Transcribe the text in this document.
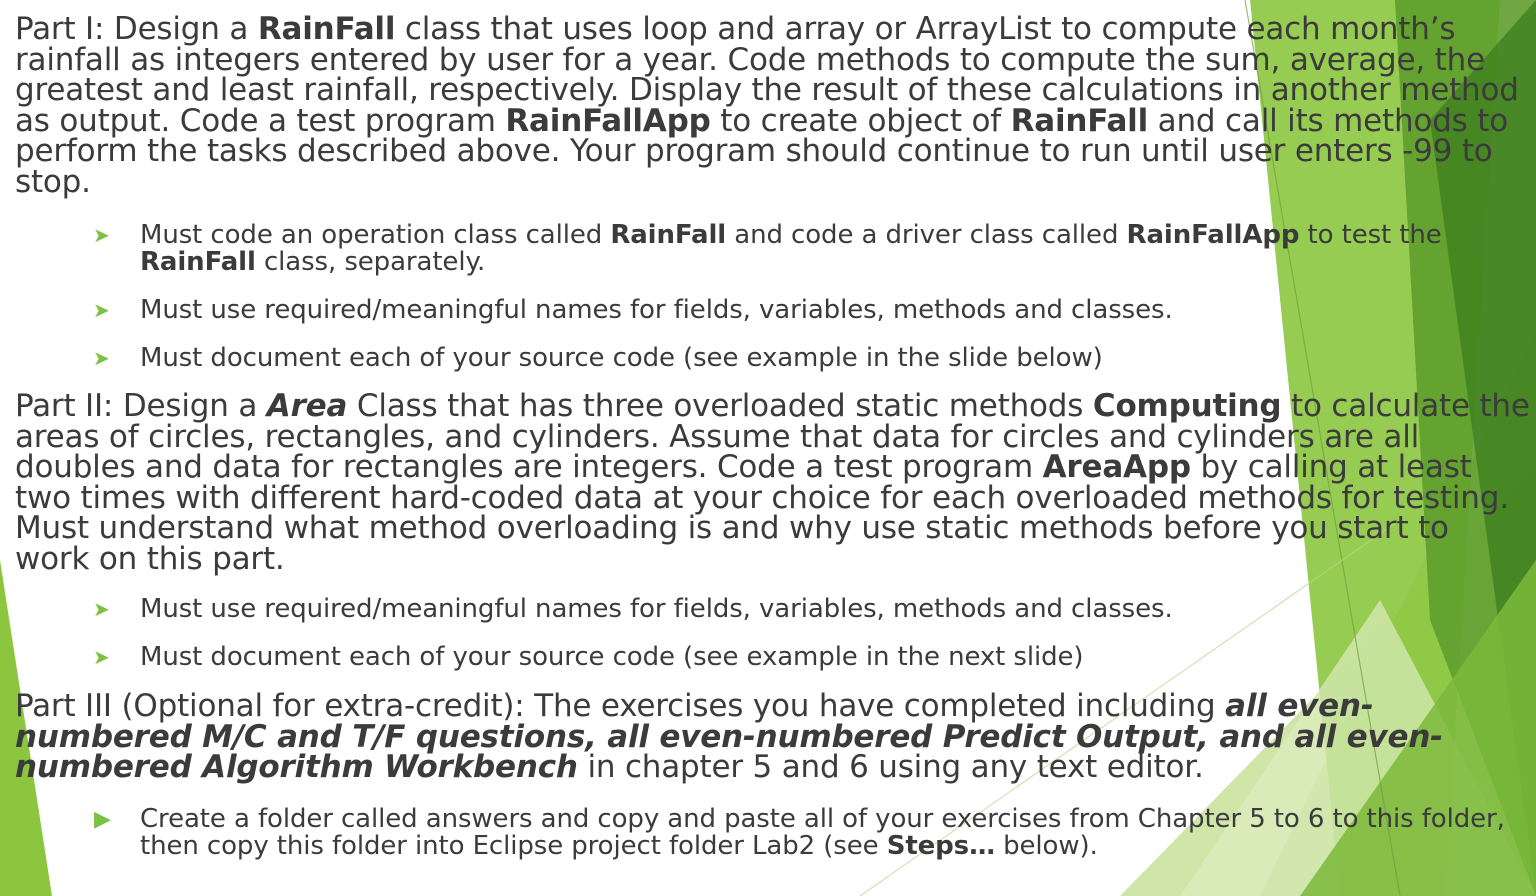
Part I: Design a RainFall class that uses loop and array or ArrayList to compute each month’s rainfall as integers entered by user for a year. Code methods to compute the sum, average, the greatest and least rainfall, respectively. Display the result of these calculations in another method as output. Code a test program RainFallApp to create object of RainFall and call its methods to perform the tasks described above. Your program should continue to run until user enters -99 to stop.

➤ Must code an operation class called RainFall and code a driver class called RainFallApp to test the RainFall class, separately.

➤ Must use required/meaningful names for fields, variables, methods and classes.

➤ Must document each of your source code (see example in the slide below)

Part II: Design a Area Class that has three overloaded static methods Computing to calculate the areas of circles, rectangles, and cylinders. Assume that data for circles and cylinders are all doubles and data for rectangles are integers. Code a test program AreaApp by calling at least two times with different hard-coded data at your choice for each overloaded methods for testing. Must understand what method overloading is and why use static methods before you start to work on this part.

➤ Must use required/meaningful names for fields, variables, methods and classes.

➤ Must document each of your source code (see example in the next slide)

Part III (Optional for extra-credit): The exercises you have completed including all even-numbered M/C and T/F questions, all even-numbered Predict Output, and all even-numbered Algorithm Workbench in chapter 5 and 6 using any text editor.

▶ Create a folder called answers and copy and paste all of your exercises from Chapter 5 to 6 to this folder, then copy this folder into Eclipse project folder Lab2 (see Steps… below).
